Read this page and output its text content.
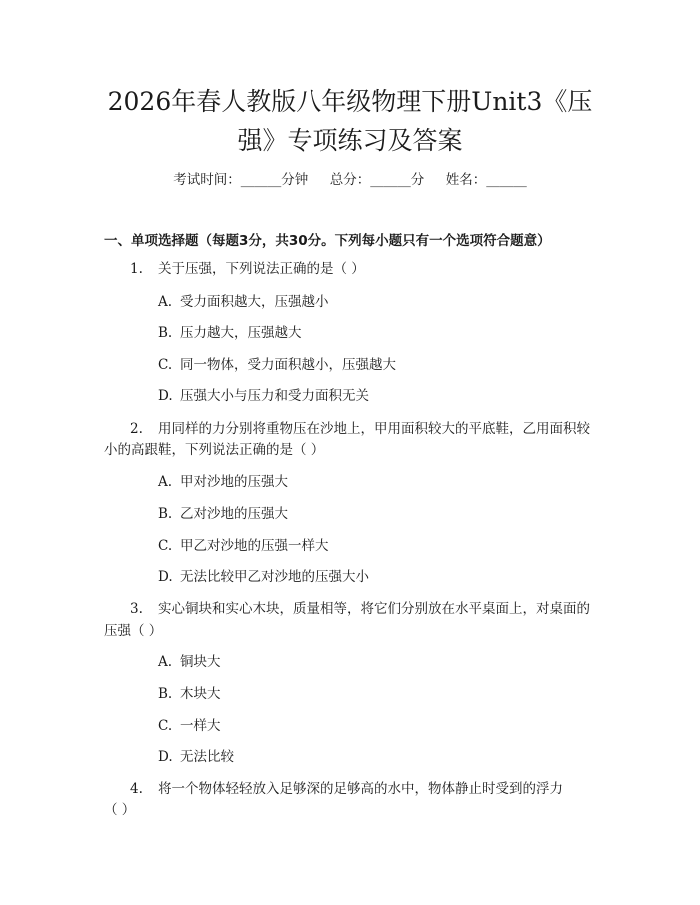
2026年春人教版八年级物理下册Unit3《压
强》专项练习及答案
考试时间：______分钟     总分：______分     姓名：______
一、单项选择题（每题3分，共30分。下列每小题只有一个选项符合题意）
1. 关于压强，下列说法正确的是（ ）
A. 受力面积越大，压强越小
B. 压力越大，压强越大
C. 同一物体，受力面积越小，压强越大
D. 压强大小与压力和受力面积无关
2. 用同样的力分别将重物压在沙地上，甲用面积较大的平底鞋，乙用面积较
小的高跟鞋，下列说法正确的是（ ）
A. 甲对沙地的压强大
B. 乙对沙地的压强大
C. 甲乙对沙地的压强一样大
D. 无法比较甲乙对沙地的压强大小
3. 实心铜块和实心木块，质量相等，将它们分别放在水平桌面上，对桌面的
压强（ ）
A. 铜块大
B. 木块大
C. 一样大
D. 无法比较
4. 将一个物体轻轻放入足够深的足够高的水中，物体静止时受到的浮力
（ ）
